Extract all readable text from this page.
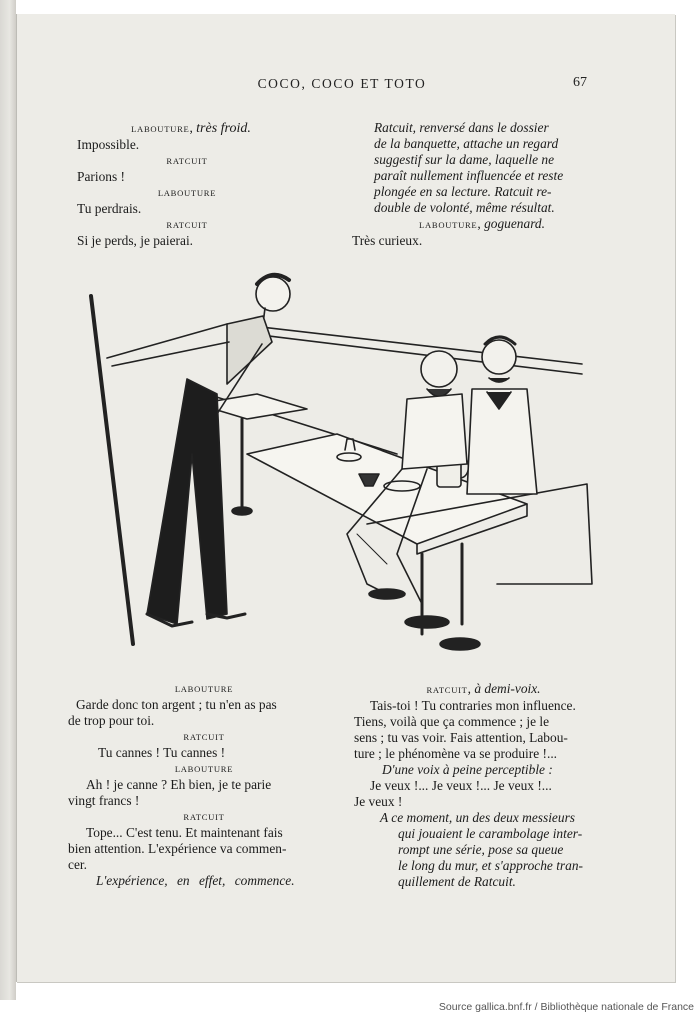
COCO, COCO ET TOTO	67

LABOUTURE, très froid.

Impossible.

RATCUIT

Parions !

LABOUTURE

Tu perdrais.

RATCUIT

Si je perds, je paierai.

Ratcuit, renversé dans le dossier

de la banquette, attache un regard

suggestif sur la dame, laquelle ne

paraît nullement influencée et reste

plongée en sa lecture. Ratcuit re-

double de volonté, même résultat.

LABOUTURE, goguenard.

Très curieux.

LABOUTURE

Garde donc ton argent ; tu n'en as pas

de trop pour toi.

RATCUIT

Tu cannes ! Tu cannes !

LABOUTURE

Ah ! je canne ? Eh bien, je te parie

vingt francs !

RATCUIT

Tope... C'est tenu. Et maintenant fais

bien attention. L'expérience va commen-

cer.

L'expérience, en effet, commence.

RATCUIT, à demi-voix.

Tais-toi ! Tu contraries mon influence.

Tiens, voilà que ça commence ; je le

sens ; tu vas voir. Fais attention, Labou-

ture ; le phénomène va se produire !...

D'une voix à peine perceptible :

Je veux !... Je veux !... Je veux !...

Je veux !

A ce moment, un des deux messieurs

qui jouaient le carambolage inter-

rompt une série, pose sa queue

le long du mur, et s'approche tran-

quillement de Ratcuit.

Source gallica.bnf.fr / Bibliothèque nationale de France
